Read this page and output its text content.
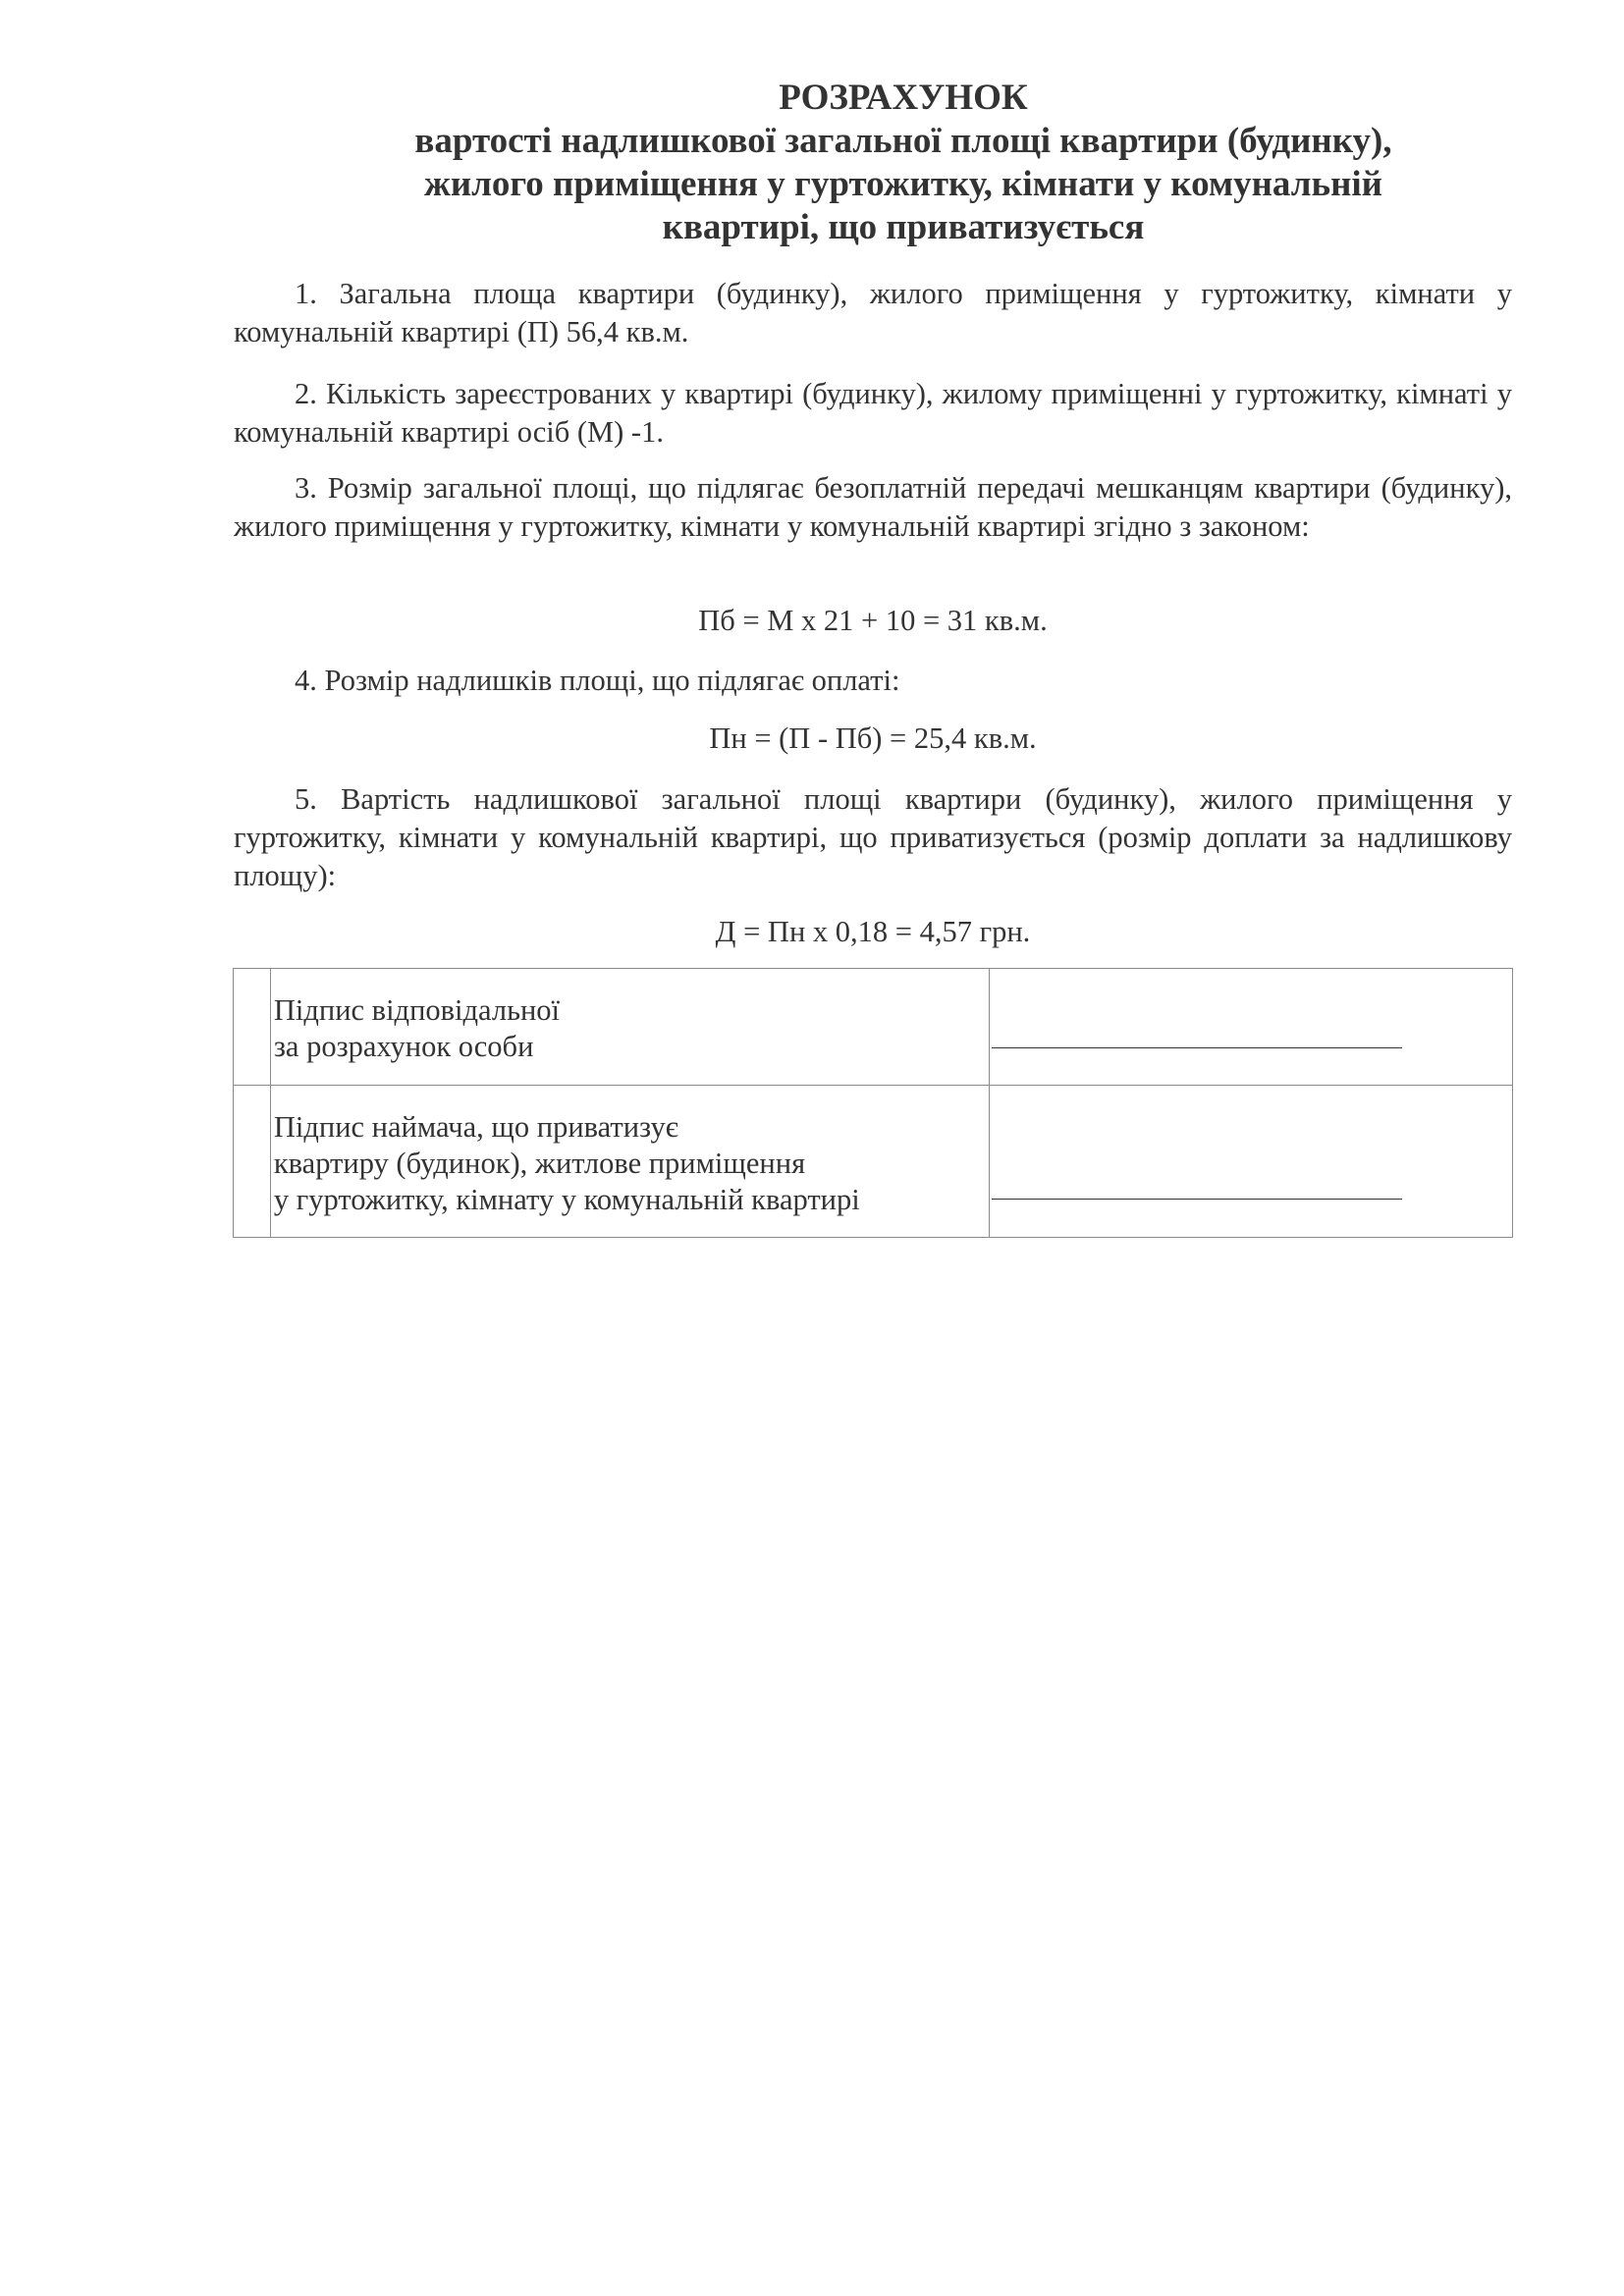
РОЗРАХУНОК
вартості надлишкової загальної площі квартири (будинку),
жилого приміщення у гуртожитку, кімнати у комунальній
квартирі, що приватизується

1. Загальна площа квартири (будинку), жилого приміщення у гуртожитку, кімнати у комунальній квартирі (П) 56,4 кв.м.

2. Кількість зареєстрованих у квартирі (будинку), жилому приміщенні у гуртожитку, кімнаті у комунальній квартирі осіб (М) -1.

3. Розмір загальної площі, що підлягає безоплатній передачі мешканцям квартири (будинку), жилого приміщення у гуртожитку, кімнати у комунальній квартирі згідно з законом:

Пб = М х 21 + 10 = 31 кв.м.

4. Розмір надлишків площі, що підлягає оплаті:

Пн = (П - Пб) = 25,4 кв.м.

5. Вартість надлишкової загальної площі квартири (будинку), жилого приміщення у гуртожитку, кімнати у комунальній квартирі, що приватизується (розмір доплати за надлишкову площу):

Д = Пн х 0,18 = 4,57 грн.

	Підпис відповідальної
за розрахунок особи	

	Підпис наймача, що приватизує
квартиру (будинок), житлове приміщення
у гуртожитку, кімнату у комунальній квартирі	
